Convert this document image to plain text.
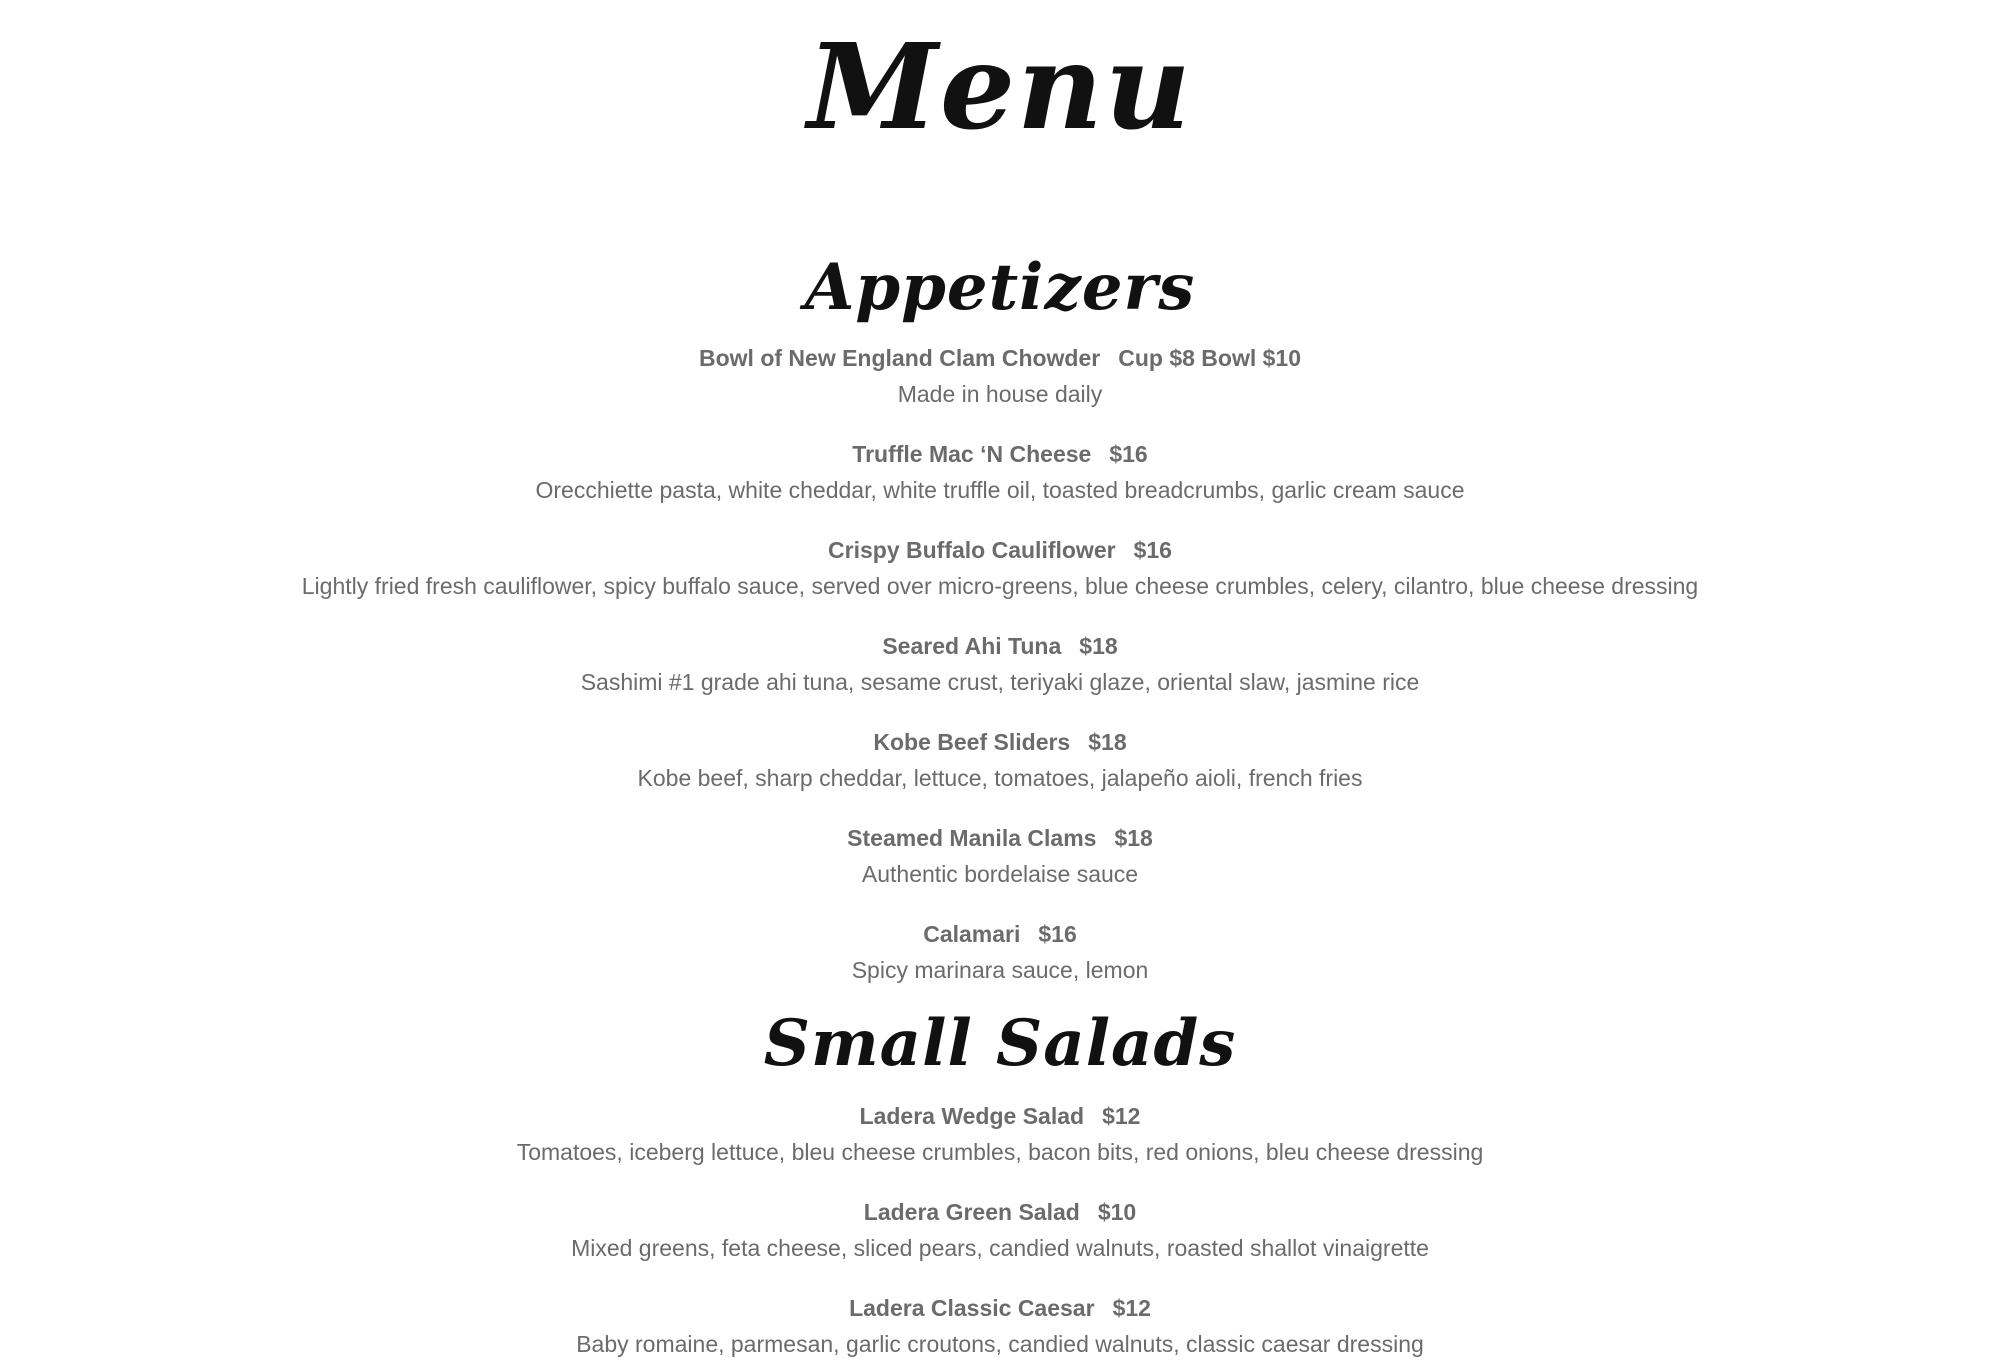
Menu
Appetizers
Bowl of New England Clam Chowder Cup $8 Bowl $10
Made in house daily
Truffle Mac ‘N Cheese $16
Orecchiette pasta, white cheddar, white truffle oil, toasted breadcrumbs, garlic cream sauce
Crispy Buffalo Cauliflower $16
Lightly fried fresh cauliflower, spicy buffalo sauce, served over micro-greens, blue cheese crumbles, celery, cilantro, blue cheese dressing
Seared Ahi Tuna $18
Sashimi #1 grade ahi tuna, sesame crust, teriyaki glaze, oriental slaw, jasmine rice
Kobe Beef Sliders $18
Kobe beef, sharp cheddar, lettuce, tomatoes, jalapeño aioli, french fries
Steamed Manila Clams $18
Authentic bordelaise sauce
Calamari $16
Spicy marinara sauce, lemon
Small Salads
Ladera Wedge Salad $12
Tomatoes, iceberg lettuce, bleu cheese crumbles, bacon bits, red onions, bleu cheese dressing
Ladera Green Salad $10
Mixed greens, feta cheese, sliced pears, candied walnuts, roasted shallot vinaigrette
Ladera Classic Caesar $12
Baby romaine, parmesan, garlic croutons, candied walnuts, classic caesar dressing
